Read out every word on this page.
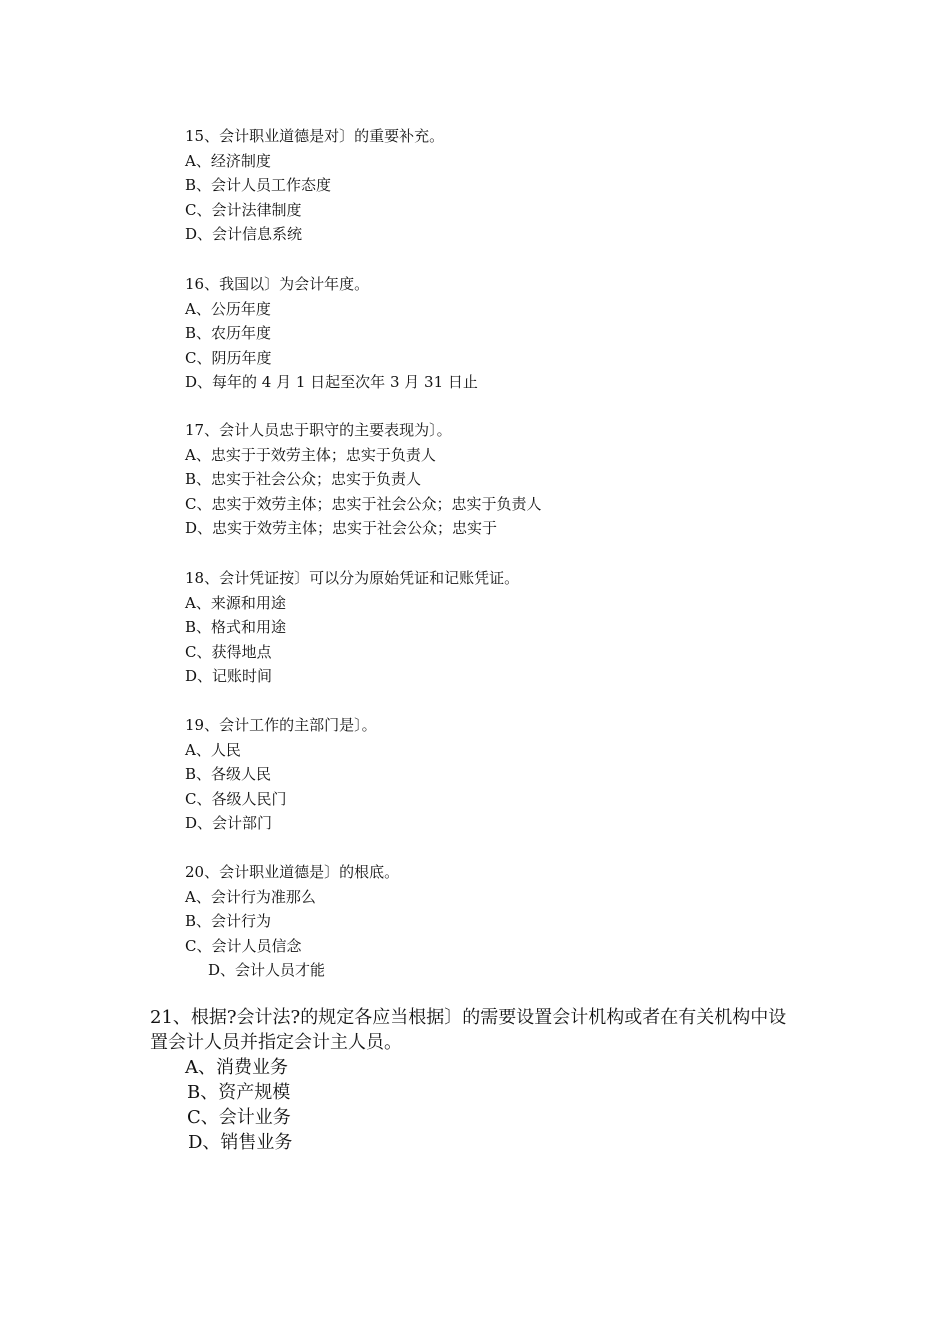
15、会计职业道德是对〕的重要补充。
A、经济制度
B、会计人员工作态度
C、会计法律制度
D、会计信息系统
16、我国以〕为会计年度。
A、公历年度
B、农历年度
C、阴历年度
D、每年的 4 月 1 日起至次年 3 月 31 日止
17、会计人员忠于职守的主要表现为〕。
A、忠实于于效劳主体；忠实于负责人
B、忠实于社会公众；忠实于负责人
C、忠实于效劳主体；忠实于社会公众；忠实于负责人
D、忠实于效劳主体；忠实于社会公众；忠实于
18、会计凭证按〕可以分为原始凭证和记账凭证。
A、来源和用途
B、格式和用途
C、获得地点
D、记账时间
19、会计工作的主部门是〕。
A、人民
B、各级人民
C、各级人民门
D、会计部门
20、会计职业道德是〕的根底。
A、会计行为准那么
B、会计行为
C、会计人员信念
D、会计人员才能
21、根据?会计法?的规定各应当根据〕的需要设置会计机构或者在有关机构中设置会计人员并指定会计主人员。
A、消费业务
B、资产规模
C、会计业务
D、销售业务
